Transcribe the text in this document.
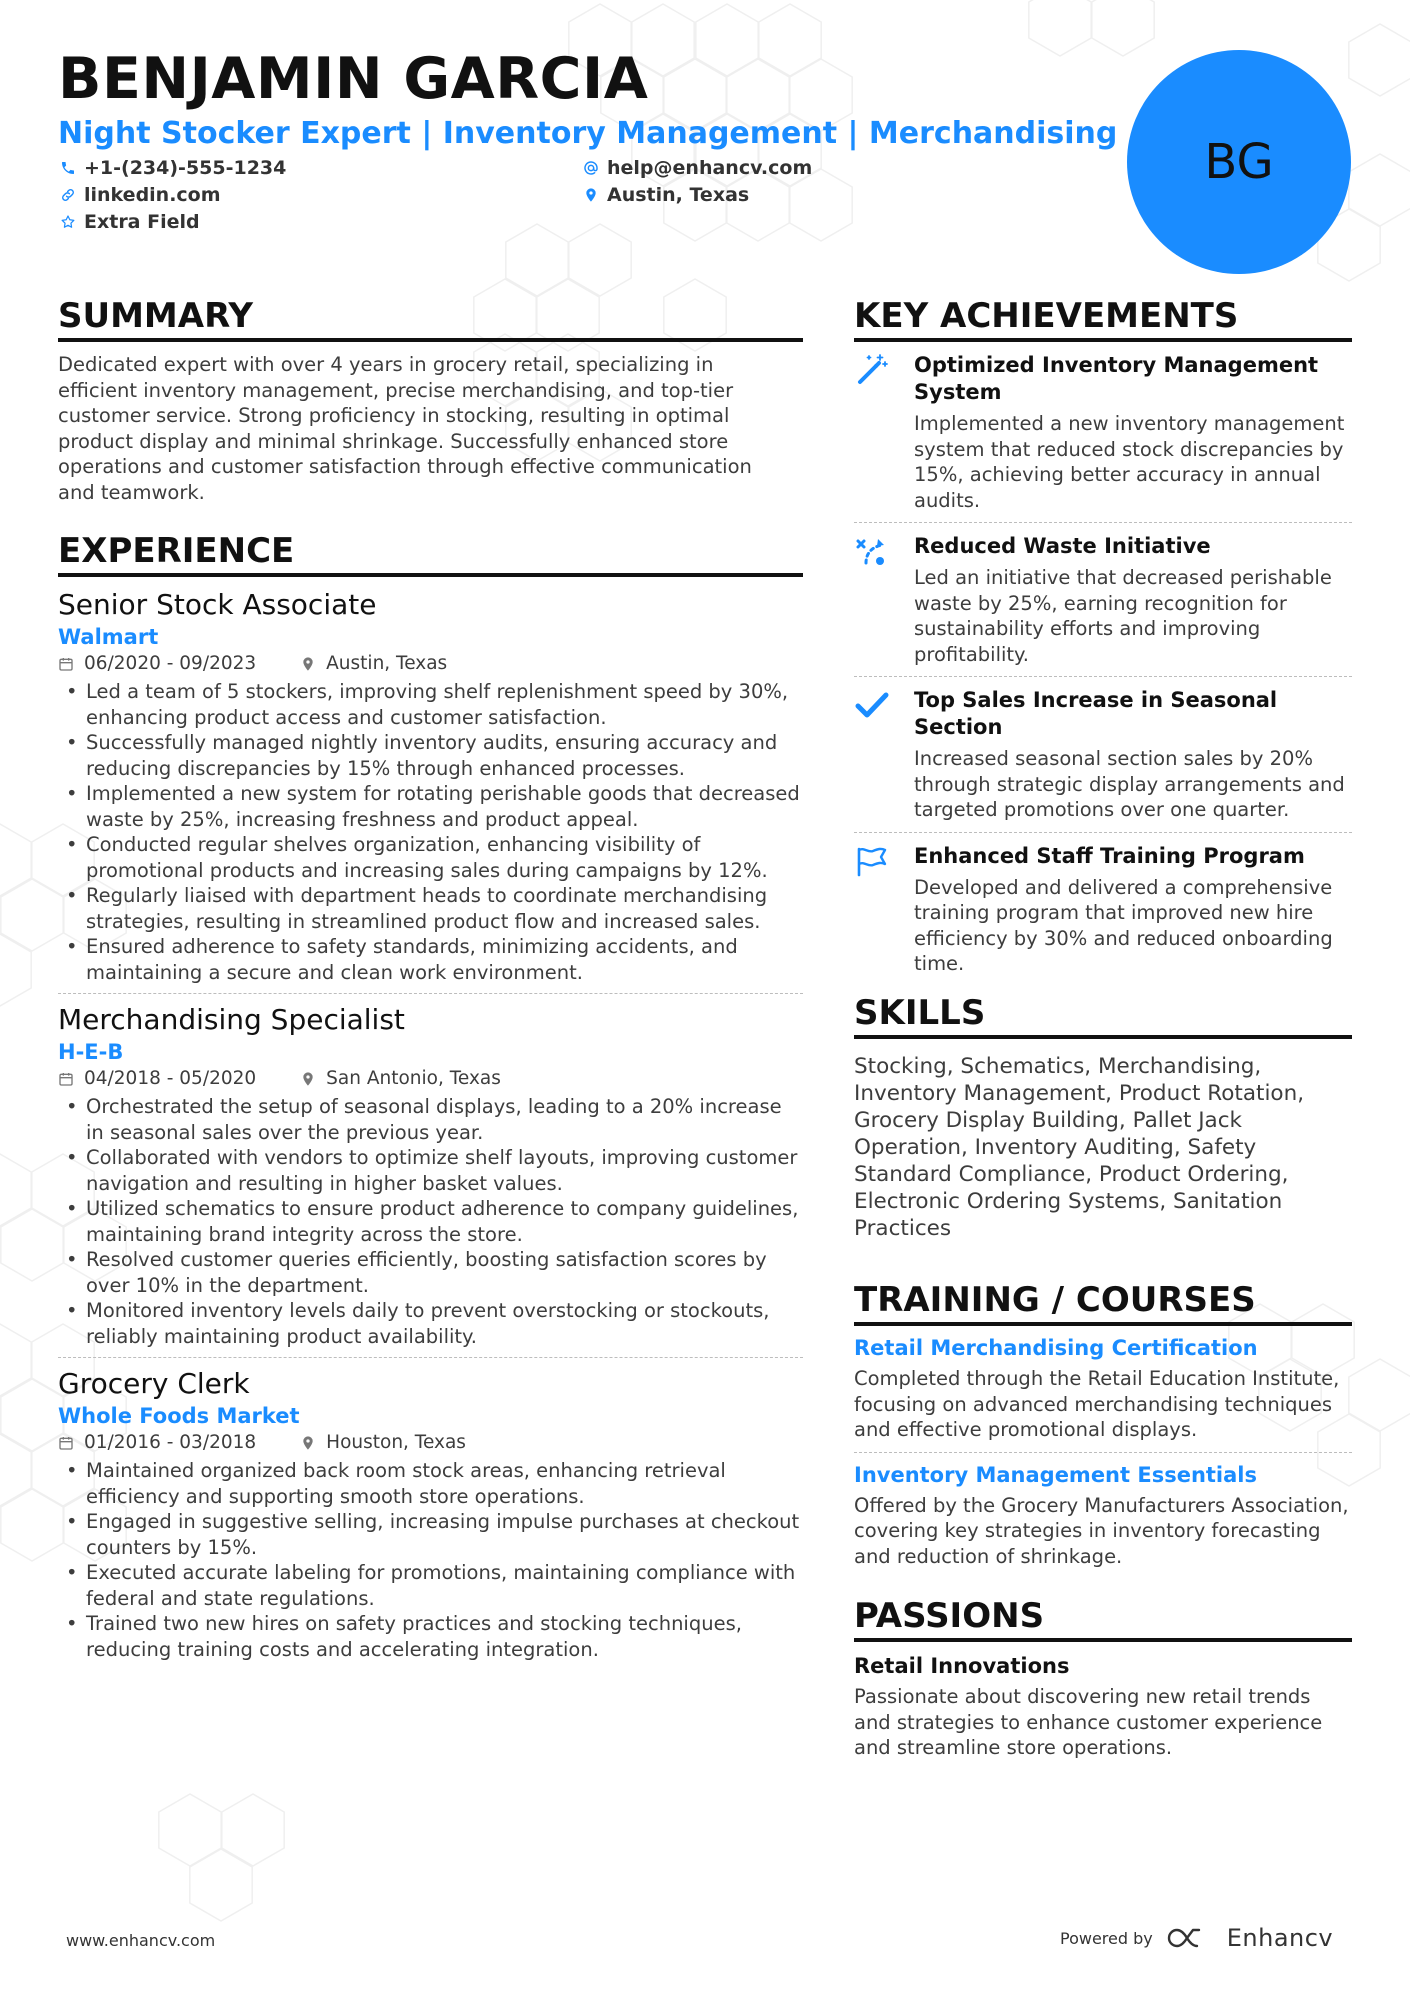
BENJAMIN GARCIA
Night Stocker Expert | Inventory Management | Merchandising
+1-(234)-555-1234	help@enhancv.com
linkedin.com	Austin, Texas
Extra Field
BG
SUMMARY
Dedicated expert with over 4 years in grocery retail, specializing in efficient inventory management, precise merchandising, and top-tier customer service. Strong proficiency in stocking, resulting in optimal product display and minimal shrinkage. Successfully enhanced store operations and customer satisfaction through effective communication and teamwork.
EXPERIENCE
Senior Stock Associate
Walmart
06/2020 - 09/2023	Austin, Texas
• Led a team of 5 stockers, improving shelf replenishment speed by 30%, enhancing product access and customer satisfaction.
• Successfully managed nightly inventory audits, ensuring accuracy and reducing discrepancies by 15% through enhanced processes.
• Implemented a new system for rotating perishable goods that decreased waste by 25%, increasing freshness and product appeal.
• Conducted regular shelves organization, enhancing visibility of promotional products and increasing sales during campaigns by 12%.
• Regularly liaised with department heads to coordinate merchandising strategies, resulting in streamlined product flow and increased sales.
• Ensured adherence to safety standards, minimizing accidents, and maintaining a secure and clean work environment.
Merchandising Specialist
H-E-B
04/2018 - 05/2020	San Antonio, Texas
• Orchestrated the setup of seasonal displays, leading to a 20% increase in seasonal sales over the previous year.
• Collaborated with vendors to optimize shelf layouts, improving customer navigation and resulting in higher basket values.
• Utilized schematics to ensure product adherence to company guidelines, maintaining brand integrity across the store.
• Resolved customer queries efficiently, boosting satisfaction scores by over 10% in the department.
• Monitored inventory levels daily to prevent overstocking or stockouts, reliably maintaining product availability.
Grocery Clerk
Whole Foods Market
01/2016 - 03/2018	Houston, Texas
• Maintained organized back room stock areas, enhancing retrieval efficiency and supporting smooth store operations.
• Engaged in suggestive selling, increasing impulse purchases at checkout counters by 15%.
• Executed accurate labeling for promotions, maintaining compliance with federal and state regulations.
• Trained two new hires on safety practices and stocking techniques, reducing training costs and accelerating integration.
KEY ACHIEVEMENTS
Optimized Inventory Management System
Implemented a new inventory management system that reduced stock discrepancies by 15%, achieving better accuracy in annual audits.
Reduced Waste Initiative
Led an initiative that decreased perishable waste by 25%, earning recognition for sustainability efforts and improving profitability.
Top Sales Increase in Seasonal Section
Increased seasonal section sales by 20% through strategic display arrangements and targeted promotions over one quarter.
Enhanced Staff Training Program
Developed and delivered a comprehensive training program that improved new hire efficiency by 30% and reduced onboarding time.
SKILLS
Stocking, Schematics, Merchandising, Inventory Management, Product Rotation, Grocery Display Building, Pallet Jack Operation, Inventory Auditing, Safety Standard Compliance, Product Ordering, Electronic Ordering Systems, Sanitation Practices
TRAINING / COURSES
Retail Merchandising Certification
Completed through the Retail Education Institute, focusing on advanced merchandising techniques and effective promotional displays.
Inventory Management Essentials
Offered by the Grocery Manufacturers Association, covering key strategies in inventory forecasting and reduction of shrinkage.
PASSIONS
Retail Innovations
Passionate about discovering new retail trends and strategies to enhance customer experience and streamline store operations.
www.enhancv.com	Powered by	Enhancv
